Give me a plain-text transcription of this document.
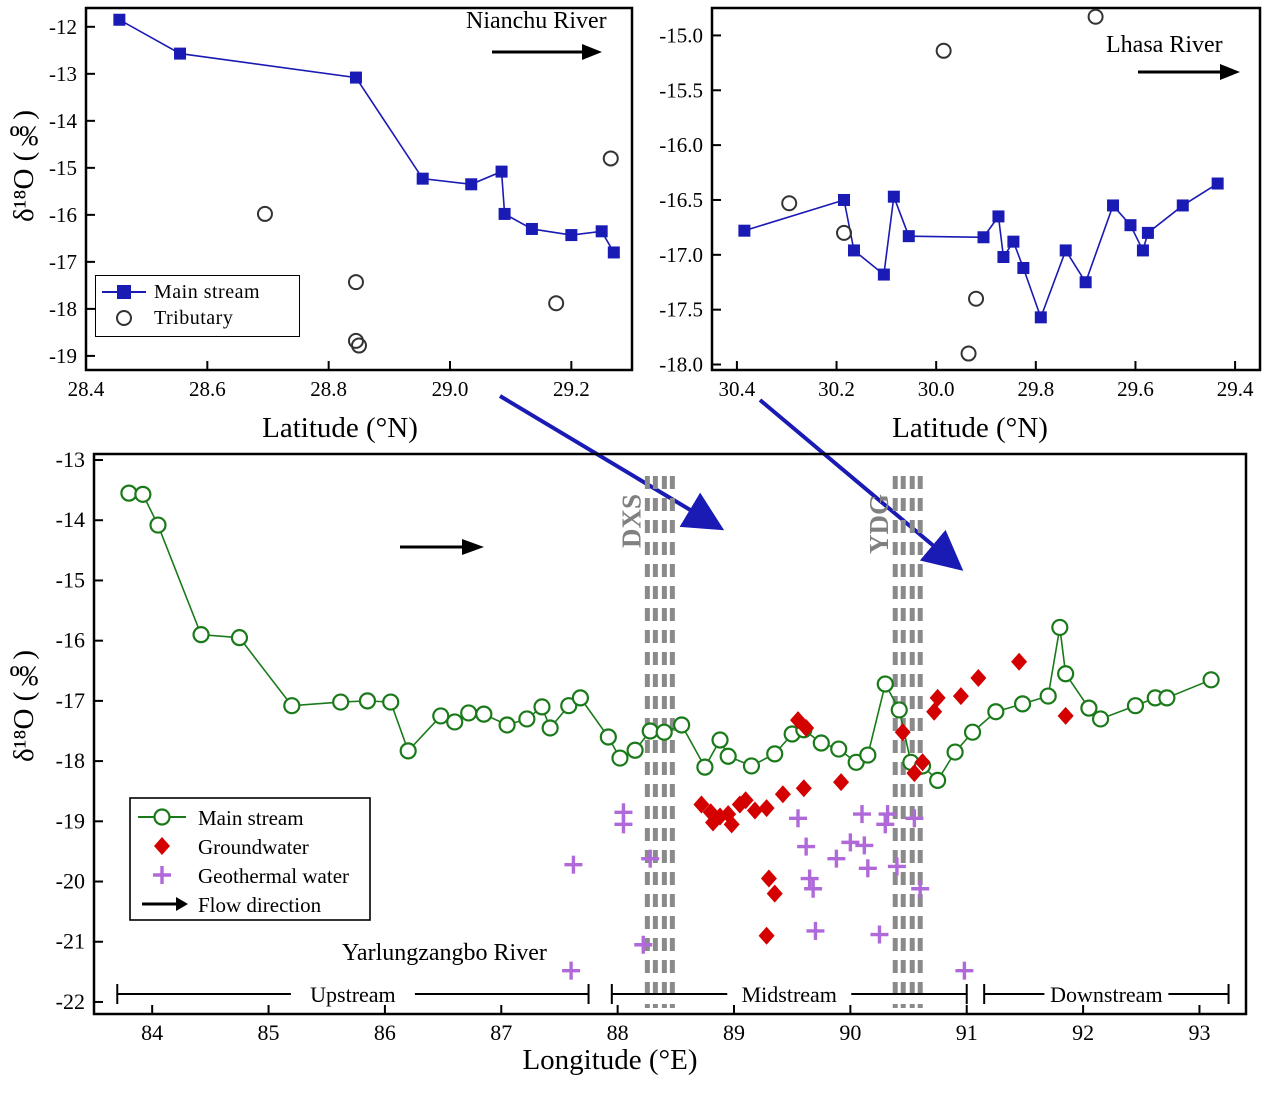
δ¹⁸O (‰)
Latitude (°N)
28.4	28.6	28.8	29.0	29.2
-19
-18
-17
-16
-15
-14
-13
-12	Nianchu River
Main stream
Tributary
Latitude (°N)
30.4	30.2	30.0	29.8	29.6	29.4
-18.0
-17.5
-17.0
-16.5
-16.0
-15.5
-15.0	Lhasa River
δ¹⁸O (‰)
Longitude (°E)
84	85	86	87	88	89	90	91	92	93
-22
-21
-20
-19
-18
-17
-16
-15
-14
-13
DXS	YDG
Upstream	Midstream	Downstream
Main stream
Groundwater
Geothermal water
Flow direction
Yarlungzangbo River
